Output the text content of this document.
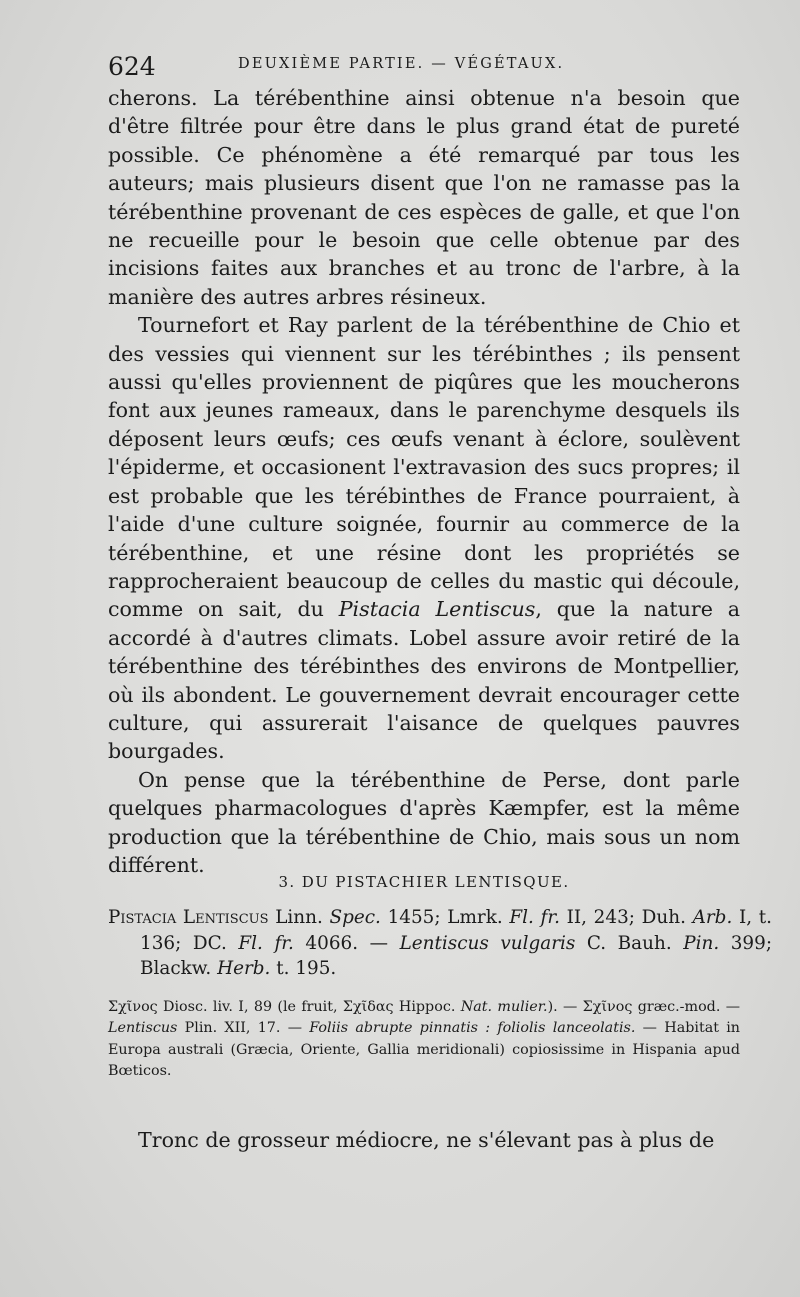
624	DEUXIÈME PARTIE. — VÉGÉTAUX.

cherons. La térébenthine ainsi obtenue n'a besoin que d'être filtrée pour être dans le plus grand état de pureté possible. Ce phénomène a été remarqué par tous les auteurs; mais plusieurs disent que l'on ne ramasse pas la térébenthine provenant de ces espèces de galle, et que l'on ne recueille pour le besoin que celle obtenue par des incisions faites aux branches et au tronc de l'arbre, à la manière des autres arbres résineux.

Tournefort et Ray parlent de la térébenthine de Chio et des vessies qui viennent sur les térébinthes ; ils pensent aussi qu'elles proviennent de piqûres que les moucherons font aux jeunes rameaux, dans le parenchyme desquels ils déposent leurs œufs; ces œufs venant à éclore, soulèvent l'épiderme, et occasionent l'extravasion des sucs propres; il est probable que les térébinthes de France pourraient, à l'aide d'une culture soignée, fournir au commerce de la térébenthine, et une résine dont les propriétés se rapprocheraient beaucoup de celles du mastic qui découle, comme on sait, du Pistacia Lentiscus, que la nature a accordé à d'autres climats. Lobel assure avoir retiré de la térébenthine des térébinthes des environs de Montpellier, où ils abondent. Le gouvernement devrait encourager cette culture, qui assurerait l'aisance de quelques pauvres bourgades.

On pense que la térébenthine de Perse, dont parle quelques pharmacologues d'après Kæmpfer, est la même production que la térébenthine de Chio, mais sous un nom différent.

3. DU PISTACHIER LENTISQUE.
Pistacia Lentiscus Linn. Spec. 1455; Lmrk. Fl. fr. II, 243; Duh. Arb. I, t. 136; DC. Fl. fr. 4066. — Lentiscus vulgaris C. Bauh. Pin. 399; Blackw. Herb. t. 195.
Σχῖνος Diosc. liv. I, 89 (le fruit, Σχῖδας Hippoc. Nat. mulier.). — Σχῖνος græc.-mod. — Lentiscus Plin. XII, 17. — Foliis abrupte pinnatis : foliolis lanceolatis. — Habitat in Europa australi (Græcia, Oriente, Gallia meridionali) copiosissime in Hispania apud Bœticos.
Tronc de grosseur médiocre, ne s'élevant pas à plus de
